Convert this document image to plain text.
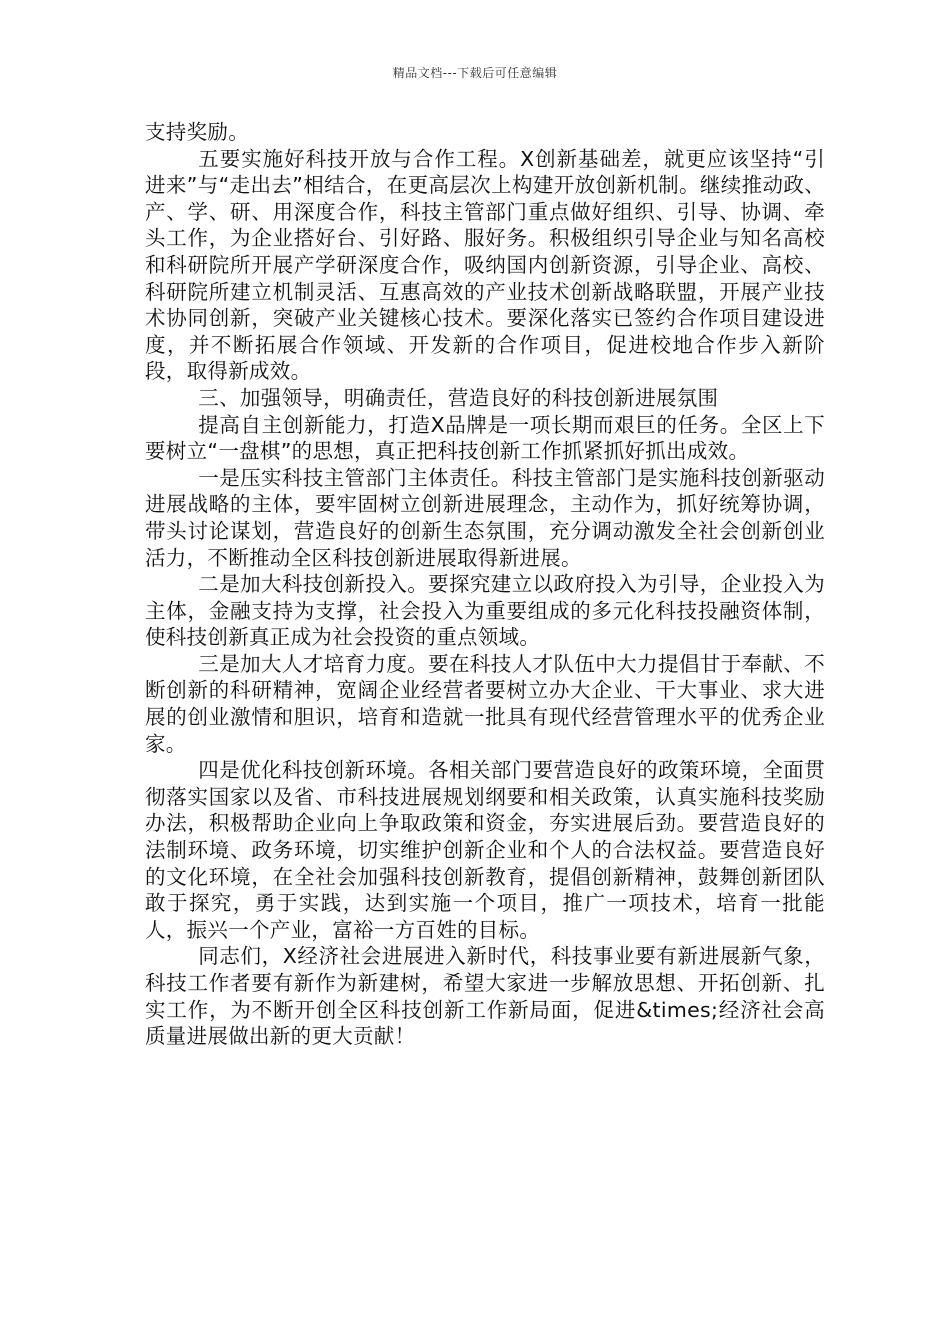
精品文档---下载后可任意编辑

支持奖励。

五要实施好科技开放与合作工程。X创新基础差，就更应该坚持“引进来”与“走出去”相结合，在更高层次上构建开放创新机制。继续推动政、产、学、研、用深度合作，科技主管部门重点做好组织、引导、协调、牵头工作，为企业搭好台、引好路、服好务。积极组织引导企业与知名高校和科研院所开展产学研深度合作，吸纳国内创新资源，引导企业、高校、科研院所建立机制灵活、互惠高效的产业技术创新战略联盟，开展产业技术协同创新，突破产业关键核心技术。要深化落实已签约合作项目建设进度，并不断拓展合作领域、开发新的合作项目，促进校地合作步入新阶段，取得新成效。

三、加强领导，明确责任，营造良好的科技创新进展氛围

提高自主创新能力，打造X品牌是一项长期而艰巨的任务。全区上下要树立“一盘棋”的思想，真正把科技创新工作抓紧抓好抓出成效。

一是压实科技主管部门主体责任。科技主管部门是实施科技创新驱动进展战略的主体，要牢固树立创新进展理念，主动作为，抓好统筹协调，带头讨论谋划，营造良好的创新生态氛围，充分调动激发全社会创新创业活力，不断推动全区科技创新进展取得新进展。

二是加大科技创新投入。要探究建立以政府投入为引导，企业投入为主体，金融支持为支撑，社会投入为重要组成的多元化科技投融资体制，使科技创新真正成为社会投资的重点领域。

三是加大人才培育力度。要在科技人才队伍中大力提倡甘于奉献、不断创新的科研精神，宽阔企业经营者要树立办大企业、干大事业、求大进展的创业激情和胆识，培育和造就一批具有现代经营管理水平的优秀企业家。

四是优化科技创新环境。各相关部门要营造良好的政策环境，全面贯彻落实国家以及省、市科技进展规划纲要和相关政策，认真实施科技奖励办法，积极帮助企业向上争取政策和资金，夯实进展后劲。要营造良好的法制环境、政务环境，切实维护创新企业和个人的合法权益。要营造良好的文化环境，在全社会加强科技创新教育，提倡创新精神，鼓舞创新团队敢于探究，勇于实践，达到实施一个项目，推广一项技术，培育一批能人，振兴一个产业，富裕一方百姓的目标。

同志们，X经济社会进展进入新时代，科技事业要有新进展新气象，科技工作者要有新作为新建树，希望大家进一步解放思想、开拓创新、扎实工作，为不断开创全区科技创新工作新局面，促进&times;经济社会高质量进展做出新的更大贡献！
